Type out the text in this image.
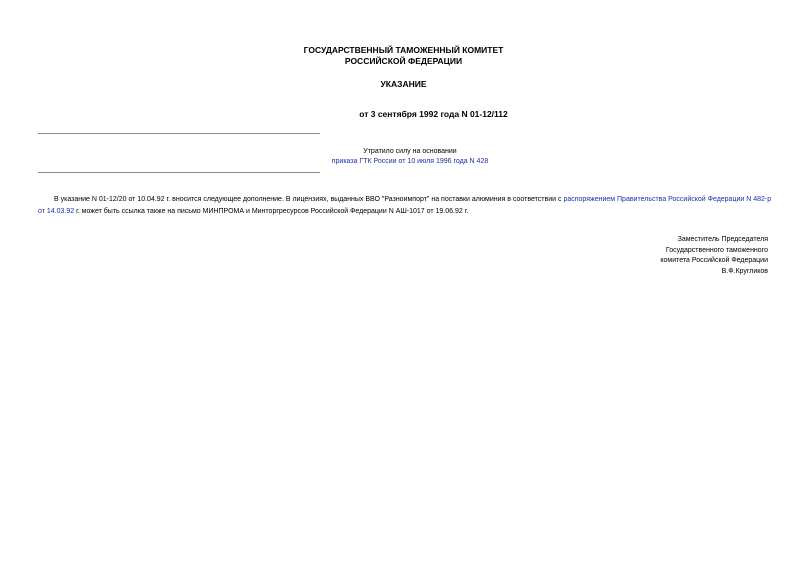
ГОСУДАРСТВЕННЫЙ ТАМОЖЕННЫЙ КОМИТЕТ
РОССИЙСКОЙ ФЕДЕРАЦИИ
УКАЗАНИЕ
от 3 сентября 1992 года N 01-12/112
Утратило силу на основании
приказа ГТК России от 10 июля 1996 года N 428

В указание N 01-12/20 от 10.04.92 г. вносится следующее дополнение. В лицензиях, выданных ВВО "Разноимпорт" на поставки алюминия в соответствии с распоряжением Правительства Российской Федерации N 482-р от 14.03.92 г. может быть ссылка также на письмо МИНПРОМА и Минторгресурсов Российской Федерации N АШ-1017 от 19.06.92 г.

Заместитель Председателя
Государственного таможенного
комитета Российской Федерации
В.Ф.Кругликов
